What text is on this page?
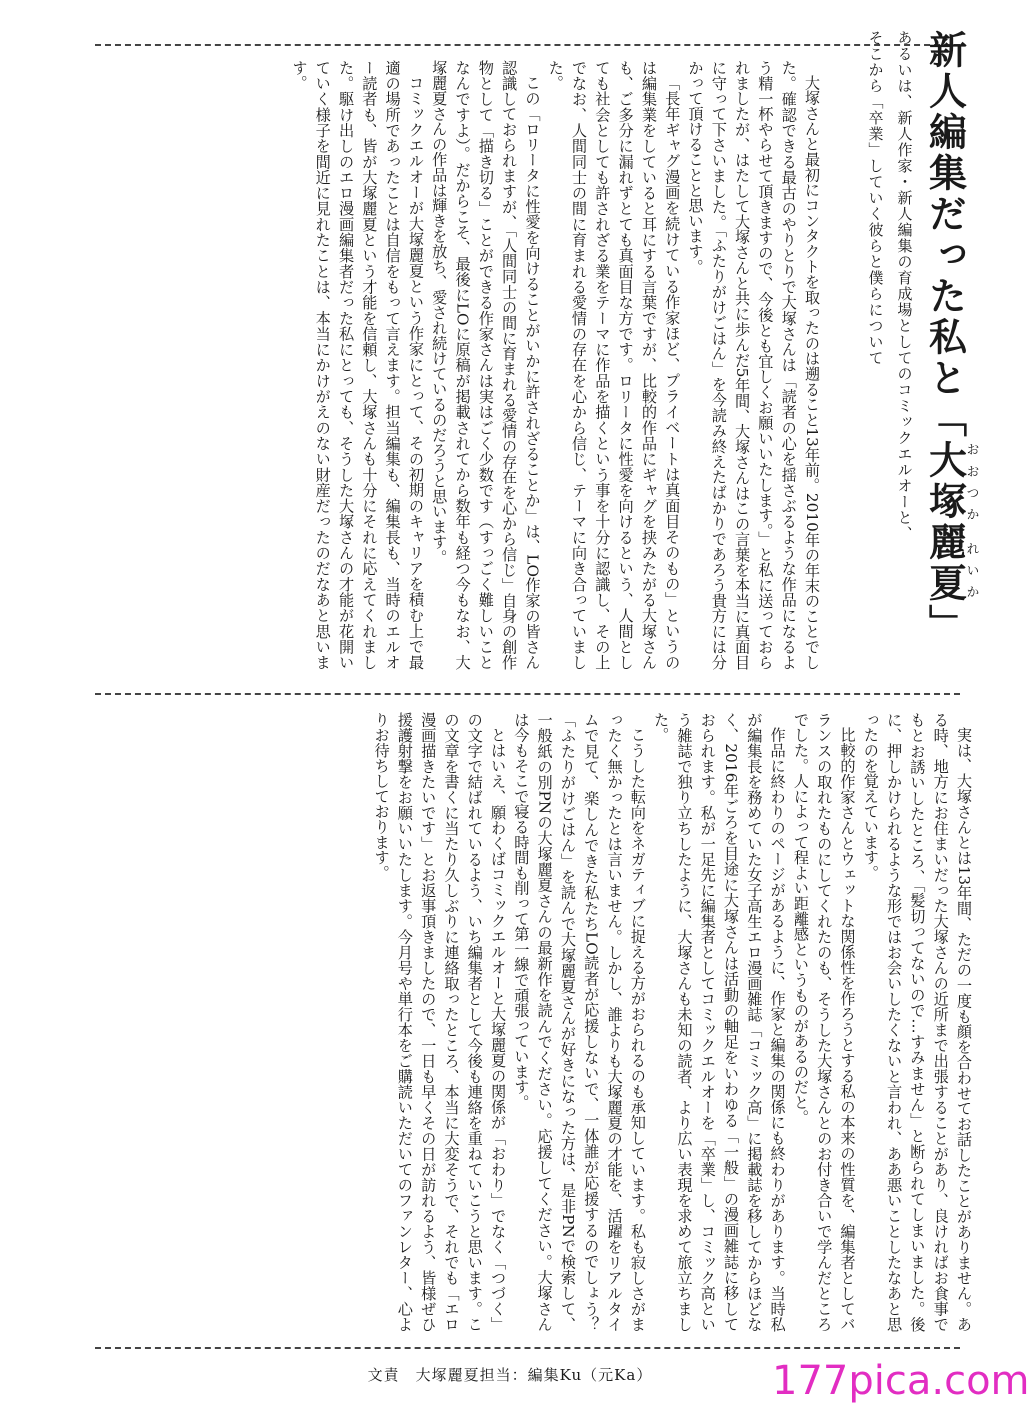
新人編集だった私と「大塚麗夏おおつか れいか」

あるいは、新人作家・新人編集の育成場としてのコミックエルオーと、

そこから「卒業」していく彼らと僕らについて

大塚さんと最初にコンタクトを取ったのは遡ること13年前。2010年の年末のことでした。確認できる最古のやりとりで大塚さんは「読者の心を揺さぶるような作品になるよう精一杯やらせて頂きますので、今後とも宜しくお願いいたします。」と私に送っておられましたが、はたして大塚さんと共に歩んだ5年間、大塚さんはこの言葉を本当に真面目に守って下さいました。「ふたりがけごはん」を今読み終えたばかりであろう貴方には分かって頂けることと思います。

「長年ギャグ漫画を続けている作家ほど、プライベートは真面目そのもの」というのは編集業をしていると耳にする言葉ですが、比較的作品にギャグを挟みたがる大塚さんも、ご多分に漏れずとても真面目な方です。ロリータに性愛を向けるという、人間としても社会としても許されざる業をテーマに作品を描くという事を十分に認識し、その上でなお、人間同士の間に育まれる愛情の存在を心から信じ、テーマに向き合っていました。

この「ロリータに性愛を向けることがいかに許されざることか」は、LO作家の皆さん認識しておられますが、「人間同士の間に育まれる愛情の存在を心から信じ」自身の創作物として「描き切る」ことができる作家さんは実はごく少数です（すっごく難しいことなんですよ）。だからこそ、最後にLOに原稿が掲載されてから数年も経つ今もなお、大塚麗夏さんの作品は輝きを放ち、愛され続けているのだろうと思います。

コミックエルオーが大塚麗夏という作家にとって、その初期のキャリアを積む上で最適の場所であったことは自信をもって言えます。担当編集も、編集長も、当時のエルオー読者も、皆が大塚麗夏という才能を信頼し、大塚さんも十分にそれに応えてくれました。駆け出しのエロ漫画編集者だった私にとっても、そうした大塚さんの才能が花開いていく様子を間近に見れたことは、本当にかけがえのない財産だったのだなあと思います。

実は、大塚さんとは13年間、ただの一度も顔を合わせてお話したことがありません。ある時、地方にお住まいだった大塚さんの近所まで出張することがあり、良ければお食事でもとお誘いしたところ、「髪切ってないので…すみません」と断られてしまいました。後に、押しかけられるような形ではお会いしたくないと言われ、ああ悪いことしたなあと思ったのを覚えています。

比較的作家さんとウェットな関係性を作ろうとする私の本来の性質を、編集者としてバランスの取れたものにしてくれたのも、そうした大塚さんとのお付き合いで学んだところでした。人によって程よい距離感というものがあるのだと。

作品に終わりのページがあるように、作家と編集の関係にも終わりがあります。当時私が編集長を務めていた女子高生エロ漫画雑誌「コミック高」に掲載誌を移してからほどなく、2016年ごろを目途に大塚さんは活動の軸足をいわゆる「一般」の漫画雑誌に移しておられます。私が一足先に編集者としてコミックエルオーを「卒業」し、コミック高という雑誌で独り立ちしたように、大塚さんも未知の読者、より広い表現を求めて旅立ちました。

こうした転向をネガティブに捉える方がおられるのも承知しています。私も寂しさがまったく無かったとは言いません。しかし、誰よりも大塚麗夏の才能を、活躍をリアルタイムで見て、楽しんできた私たちLO読者が応援しないで、一体誰が応援するのでしょう？「ふたりがけごはん」を読んで大塚麗夏さんが好きになった方は、是非PNで検索して、一般紙の別PNの大塚麗夏さんの最新作を読んでください。応援してください。大塚さんは今もそこで寝る時間も削って第一線で頑張っています。

とはいえ、願わくばコミックエルオーと大塚麗夏の関係が「おわり」でなく「つづく」の文字で結ばれているよう、いち編集者として今後も連絡を重ねていこうと思います。この文章を書くに当たり久しぶりに連絡取ったところ、本当に大変そうで、それでも「エロ漫画描きたいです」とお返事頂きましたので、一日も早くその日が訪れるよう、皆様ぜひ援護射撃をお願いいたします。今月号や単行本をご購読いただいてのファンレター、心よりお待ちしております。

文責　大塚麗夏担当：編集Ku（元Ka）	177pica.com
